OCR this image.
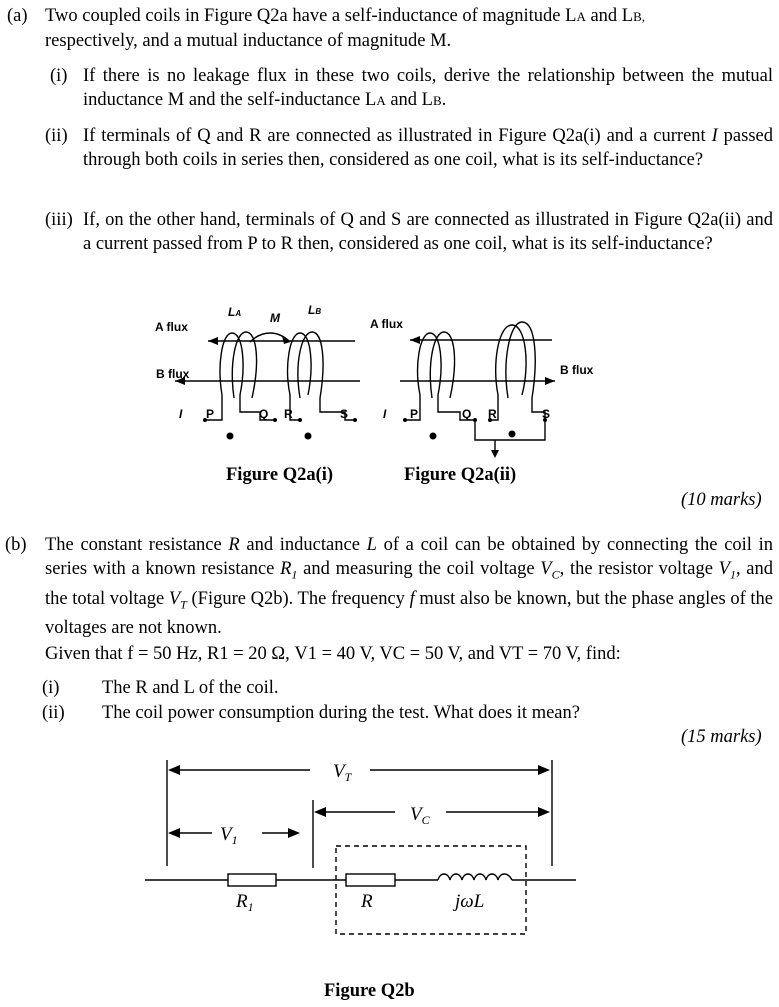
(a) Two coupled coils in Figure Q2a have a self-inductance of magnitude LA and LB,
respectively, and a mutual inductance of magnitude M.
(i) If there is no leakage flux in these two coils, derive the relationship between the mutual inductance M and the self-inductance LA and LB.
(ii) If terminals of Q and R are connected as illustrated in Figure Q2a(i) and a current I passed through both coils in series then, considered as one coil, what is its self-inductance?
(iii) If, on the other hand, terminals of Q and S are connected as illustrated in Figure Q2a(ii) and a current passed from P to R then, considered as one coil, what is its self-inductance?
A flux
B flux
LA M
LB
I P	Q R	S
A flux
B flux
I P	Q R	S
Figure Q2a(i)	Figure Q2a(ii)
(10 marks)
(b) The constant resistance R and inductance L of a coil can be obtained by connecting the coil in series with a known resistance $R_1$ and measuring the coil voltage $V_C$, the resistor voltage $V_1$, and the total voltage $V_T$ (Figure Q2b). The frequency f must also be known, but the phase angles of the voltages are not known.
Given that f = 50 Hz, R1 = 20 Ω, V1 = 40 V, VC = 50 V, and VT = 70 V, find:
(i) The R and L of the coil.
(ii) The coil power consumption during the test. What does it mean?
(15 marks)
$V_T$
$V_C$
$V_1$
$R_1$	R	jωL
Figure Q2b
